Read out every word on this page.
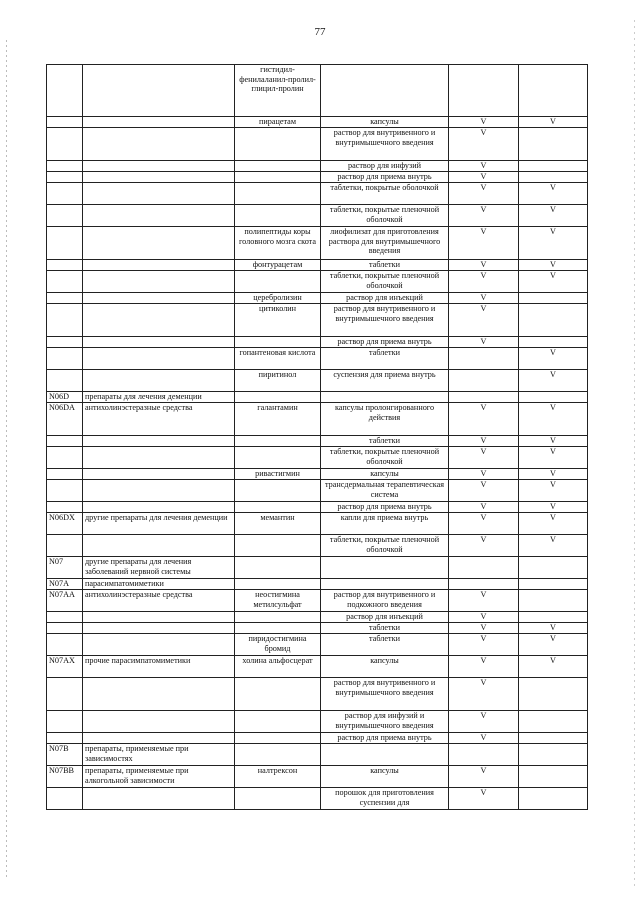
77
		гистидил-фенилаланил-пролил-глицил-пролин			
		пирацетам	капсулы	V	V
			раствор для внутривенного и внутримышечного введения	V	
			раствор для инфузий	V	
			раствор для приема внутрь	V	
			таблетки, покрытые оболочкой	V	V
			таблетки, покрытые пленочной оболочкой	V	V
		полипептиды коры головного мозга скота	лиофилизат для приготовления раствора для внутримышечного введения	V	V
		фонтурацетам	таблетки	V	V
			таблетки, покрытые пленочной оболочкой	V	V
		церебролизин	раствор для инъекций	V	
		цитиколин	раствор для внутривенного и внутримышечного введения	V	
			раствор для приема внутрь	V	
		гопантеновая кислота	таблетки		V
		пиритинол	суспензия для приема внутрь		V
N06D	препараты для лечения деменции				
N06DA	антихолинэстеразные средства	галантамин	капсулы пролонгированного действия	V	V
			таблетки	V	V
			таблетки, покрытые пленочной оболочкой	V	V
		ривастигмин	капсулы	V	V
			трансдермальная терапевтическая система	V	V
			раствор для приема внутрь	V	V
N06DX	другие препараты для лечения деменции	мемантин	капли для приема внутрь	V	V
			таблетки, покрытые пленочной оболочкой	V	V
N07	другие препараты для лечения заболеваний нервной системы				
N07A	парасимпатомиметики				
N07AA	антихолинэстеразные средства	неостигмина метилсульфат	раствор для внутривенного и подкожного введения	V	
			раствор для инъекций	V	
			таблетки	V	V
		пиридостигмина бромид	таблетки	V	V
N07AX	прочие парасимпатомиметики	холина альфосцерат	капсулы	V	V
			раствор для внутривенного и внутримышечного введения	V	
			раствор для инфузий и внутримышечного введения	V	
			раствор для приема внутрь	V	
N07B	препараты, применяемые при зависимостях				
N07BB	препараты, применяемые при алкогольной зависимости	налтрексон	капсулы	V	
			порошок для приготовления суспензии для	V	
